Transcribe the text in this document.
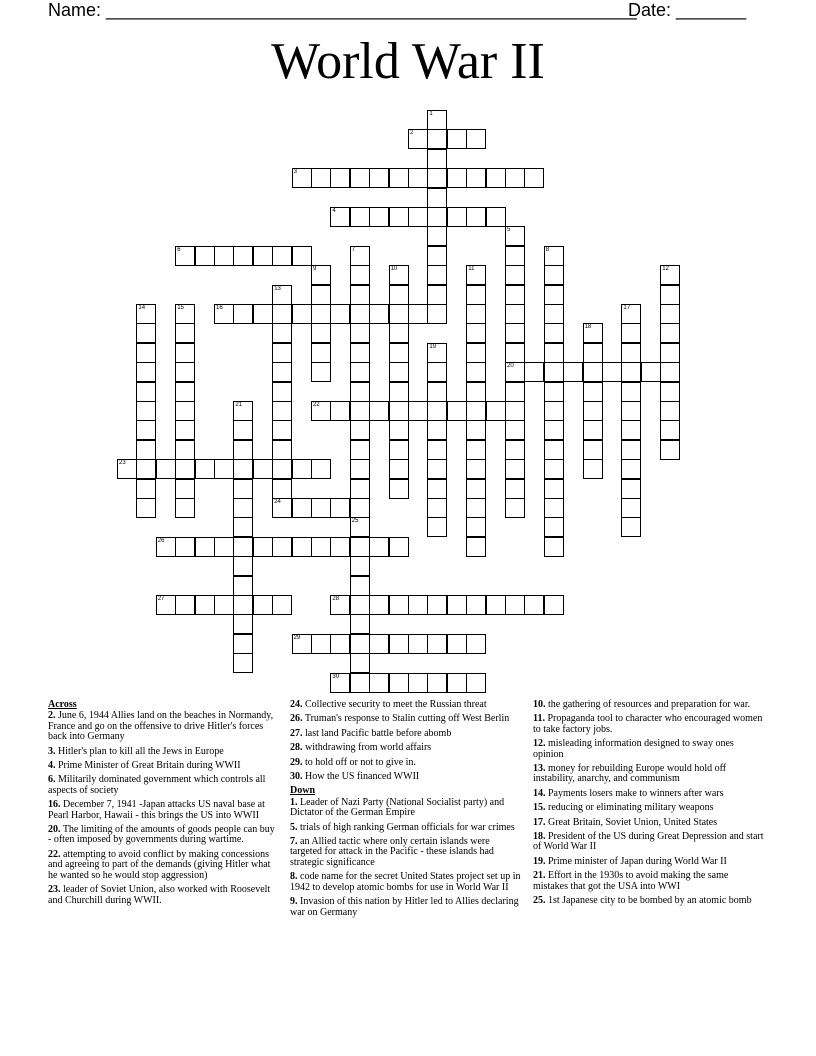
Name: _____________________________________________________
Date: _______
World War II
1
2
3
4
5
20
6	7
25
8
9	10	11	12
13
14	15	16	17
18
19
21	22
23
24
26
27	28
29
30
Across
2. June 6, 1944 Allies land on the beaches in Normandy, France and go on the offensive to drive Hitler's forces back into Germany
3. Hitler's plan to kill all the Jews in Europe
4. Prime Minister of Great Britain during WWII
6. Militarily dominated government which controls all aspects of society
16. December 7, 1941 -Japan attacks US naval base at Pearl Harbor, Hawaii - this brings the US into WWII
20. The limiting of the amounts of goods people can buy - often imposed by governments during wartime.
22. attempting to avoid conflict by making concessions and agreeing to part of the demands (giving Hitler what he wanted so he would stop aggression)
23. leader of Soviet Union, also worked with Roosevelt and Churchill during WWII.
24. Collective security to meet the Russian threat
26. Truman's response to Stalin cutting off West Berlin
27. last land Pacific battle before abomb
28. withdrawing from world affairs
29. to hold off or not to give in.
30. How the US financed WWII
Down
1. Leader of Nazi Party (National Socialist party) and Dictator of the German Empire
5. trials of high ranking German officials for war crimes
7. an Allied tactic where only certain islands were targeted for attack in the Pacific - these islands had strategic significance
8. code name for the secret United States project set up in 1942 to develop atomic bombs for use in World War II
9. Invasion of this nation by Hitler led to Allies declaring war on Germany
10. the gathering of resources and preparation for war.
11. Propaganda tool to character who encouraged women to take factory jobs.
12. misleading information designed to sway ones opinion
13. money for rebuilding Europe would hold off instability, anarchy, and communism
14. Payments losers make to winners after wars
15. reducing or eliminating military weapons
17. Great Britain, Soviet Union, United States
18. President of the US during Great Depression and start of World War II
19. Prime minister of Japan during World War II
21. Effort in the 1930s to avoid making the same mistakes that got the USA into WWI
25. 1st Japanese city to be bombed by an atomic bomb
